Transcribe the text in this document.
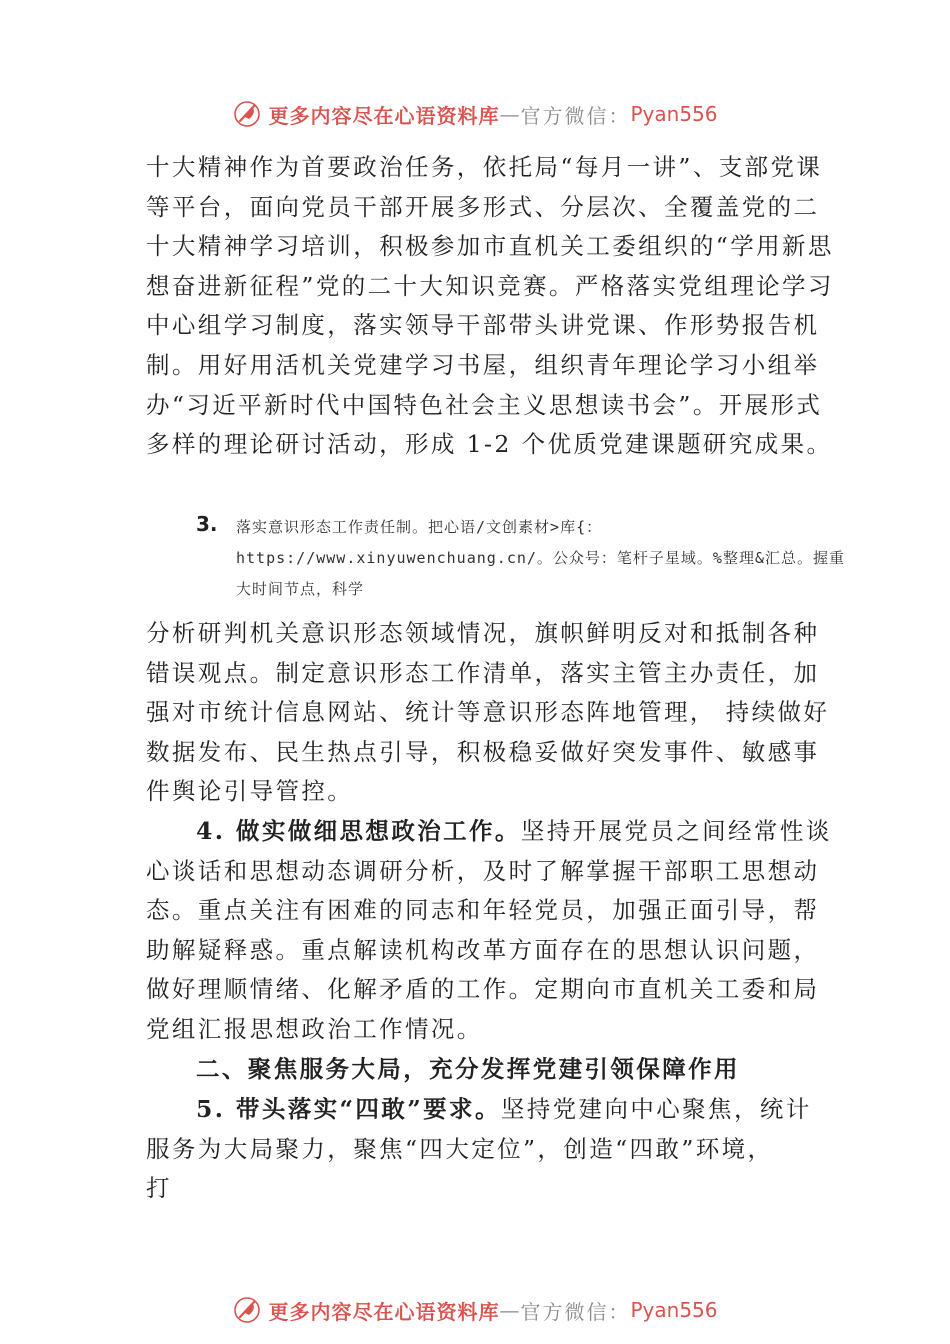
更多内容尽在心语资料库 — 官方微信： Pyan556

十大精神作为首要政治任务，依托局“每月一讲”、支部党课等平台，面向党员干部开展多形式、分层次、全覆盖党的二十大精神学习培训，积极参加市直机关工委组织的“学用新思想奋进新征程”党的二十大知识竞赛。严格落实党组理论学习中心组学习制度，落实领导干部带头讲党课、作形势报告机制。用好用活机关党建学习书屋，组织青年理论学习小组举办“习近平新时代中国特色社会主义思想读书会”。开展形式多样的理论研讨活动，形成 1-2 个优质党建课题研究成果。

3. 落实意识形态工作责任制。把心语/文创素材>库{：https://www.xinyuwenchuang.cn/。公众号：笔杆子星域。%整理&汇总。握重大时间节点，科学

分析研判机关意识形态领域情况，旗帜鲜明反对和抵制各种错误观点。制定意识形态工作清单，落实主管主办责任，加强对市统计信息网站、统计等意识形态阵地管理， 持续做好数据发布、民生热点引导，积极稳妥做好突发事件、敏感事件舆论引导管控。

4. 做实做细思想政治工作。坚持开展党员之间经常性谈心谈话和思想动态调研分析，及时了解掌握干部职工思想动态。重点关注有困难的同志和年轻党员，加强正面引导，帮助解疑释惑。重点解读机构改革方面存在的思想认识问题， 做好理顺情绪、化解矛盾的工作。定期向市直机关工委和局党组汇报思想政治工作情况。

二、聚焦服务大局，充分发挥党建引领保障作用

5. 带头落实“四敢”要求。坚持党建向中心聚焦，统计服务为大局聚力，聚焦“四大定位”，创造“四敢”环境，

打

更多内容尽在心语资料库 — 官方微信： Pyan556
